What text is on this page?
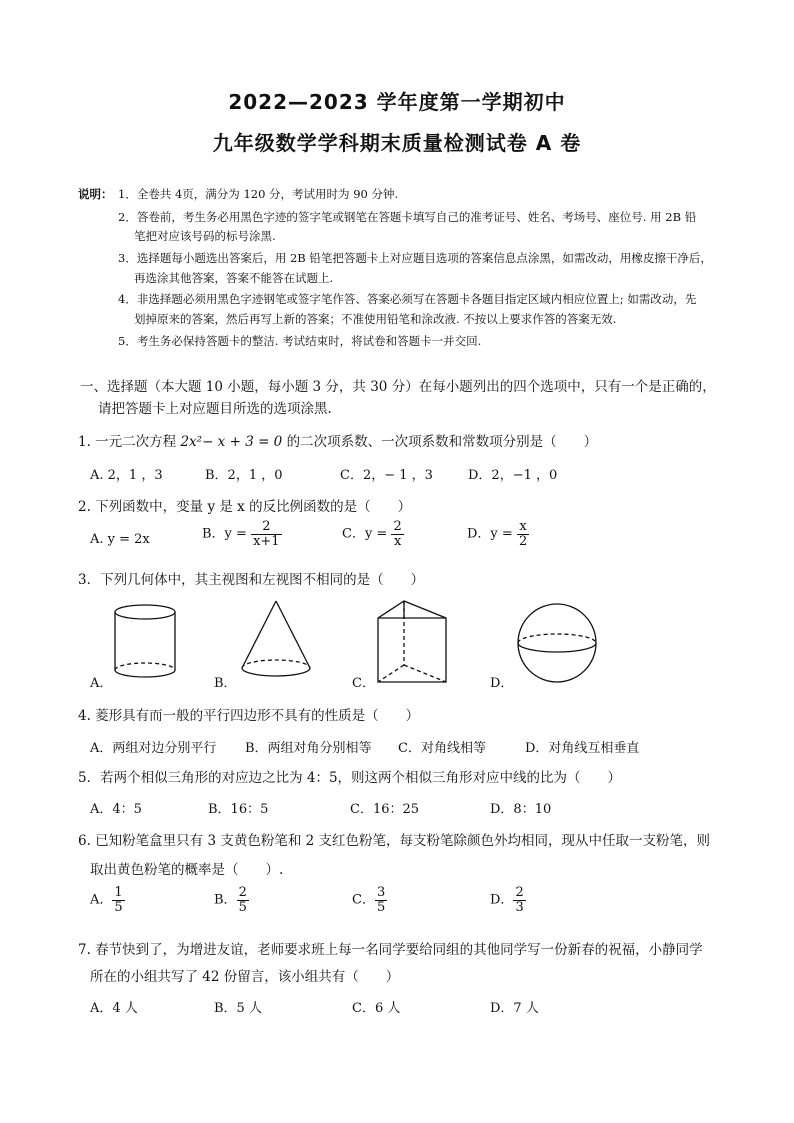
2022—2023 学年度第一学期初中
九年级数学学科期末质量检测试卷 A 卷
说明： 1．全卷共 4页，满分为 120 分，考试用时为 90 分钟.
2．答卷前，考生务必用黑色字迹的签字笔或钢笔在答题卡填写自己的准考证号、姓名、考场号、座位号. 用 2B 铅
笔把对应该号码的标号涂黑.
3．选择题每小题选出答案后，用 2B 铅笔把答题卡上对应题目选项的答案信息点涂黑，如需改动，用橡皮擦干净后，
再选涂其他答案，答案不能答在试题上.
4．非选择题必须用黑色字迹钢笔或签字笔作答、答案必须写在答题卡各题目指定区域内相应位置上; 如需改动，先
划掉原来的答案，然后再写上新的答案；不准使用铅笔和涂改液. 不按以上要求作答的答案无效.
5．考生务必保持答题卡的整洁. 考试结束时，将试卷和答题卡一并交回.
一、选择题（本大题 10 小题，每小题 3 分，共 30 分）在每小题列出的四个选项中，只有一个是正确的，
请把答题卡上对应题目所选的选项涂黑.
1. 一元二次方程 2x²− x + 3 = 0 的二次项系数、一次项系数和常数项分别是（　　）
A. 2，1 ，3	B．2，1 ，0	C．2，− 1 ，3	D．2，−1 ，0
2. 下列函数中，变量 y 是 x 的反比例函数的是（　　）
A. y = 2x	B．$y = \frac{2}{x+1}$	C．$y = \frac{2}{x}$	D．$y = \frac{x}{2}$
3．下列几何体中，其主视图和左视图不相同的是（　　）
A．	B．	C．	D．
4. 菱形具有而一般的平行四边形不具有的性质是（　　）
A．两组对边分别平行 B．两组对角分别相等 C．对角线相等	D．对角线互相垂直
5．若两个相似三角形的对应边之比为 4：5，则这两个相似三角形对应中线的比为（　　）
A．4：5	B．16：5	C．16：25	D．8：10
6. 已知粉笔盒里只有 3 支黄色粉笔和 2 支红色粉笔，每支粉笔除颜色外均相同，现从中任取一支粉笔，则
取出黄色粉笔的概率是（　　）.
A． $\frac{1}{5}$	B． $\frac{2}{5}$	C． $\frac{3}{5}$	D． $\frac{2}{3}$
7. 春节快到了，为增进友谊，老师要求班上每一名同学要给同组的其他同学写一份新春的祝福，小静同学
所在的小组共写了 42 份留言，该小组共有（　　）
A．4 人	B．5 人	C．6 人	D．7 人
